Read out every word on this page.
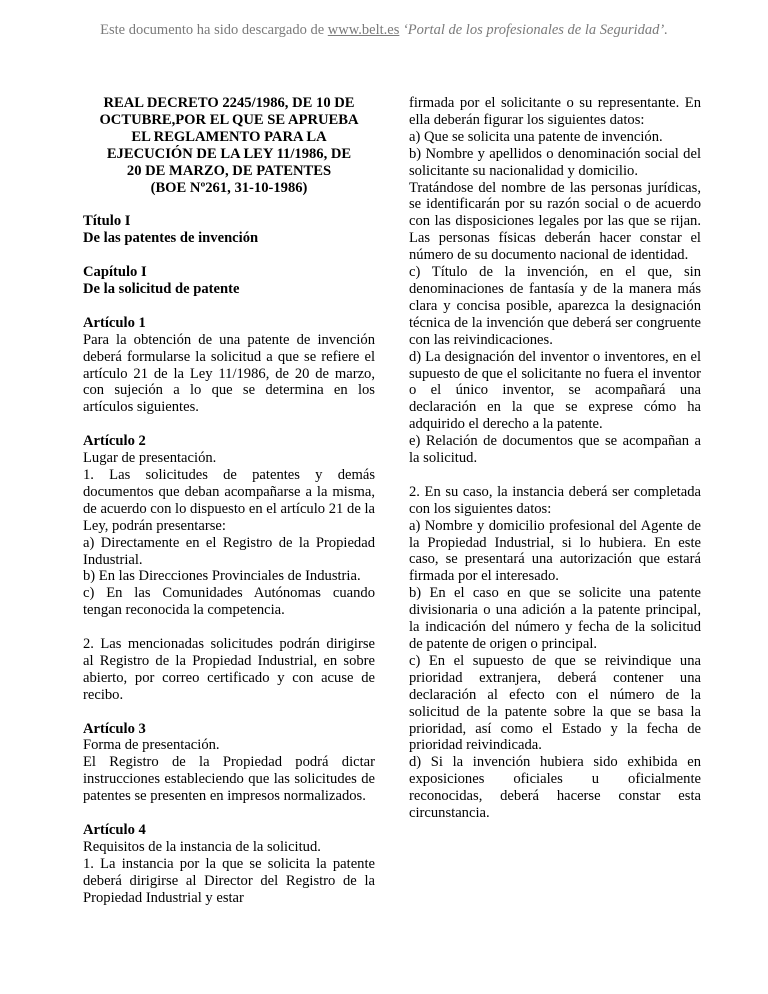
Este documento ha sido descargado de www.belt.es ‘Portal de los profesionales de la Seguridad’.
REAL DECRETO 2245/1986, DE 10 DE
OCTUBRE,POR EL QUE SE APRUEBA
EL REGLAMENTO PARA LA
EJECUCIÓN DE LA LEY 11/1986, DE
20 DE MARZO, DE PATENTES
(BOE Nº261, 31-10-1986)

Título I

De las patentes de invención

Capítulo I

De la solicitud de patente

Artículo 1

Para la obtención de una patente de invención deberá formularse la solicitud a que se refiere el artículo 21 de la Ley 11/1986, de 20 de marzo, con sujeción a lo que se determina en los artículos siguientes.

Artículo 2

Lugar de presentación.

1. Las solicitudes de patentes y demás documentos que deban acompañarse a la misma, de acuerdo con lo dispuesto en el artículo 21 de la Ley, podrán presentarse:

a) Directamente en el Registro de la Propiedad Industrial.

b) En las Direcciones Provinciales de Industria.

c) En las Comunidades Autónomas cuando tengan reconocida la competencia.

2. Las mencionadas solicitudes podrán dirigirse al Registro de la Propiedad Industrial, en sobre abierto, por correo certificado y con acuse de recibo.

Artículo 3

Forma de presentación.

El Registro de la Propiedad podrá dictar instrucciones estableciendo que las solicitudes de patentes se presenten en impresos normalizados.

Artículo 4

Requisitos de la instancia de la solicitud.

1. La instancia por la que se solicita la patente deberá dirigirse al Director del Registro de la Propiedad Industrial y estar

firmada por el solicitante o su representante. En ella deberán figurar los siguientes datos:

a) Que se solicita una patente de invención.

b) Nombre y apellidos o denominación social del solicitante su nacionalidad y domicilio.

Tratándose del nombre de las personas jurídicas, se identificarán por su razón social o de acuerdo con las disposiciones legales por las que se rijan. Las personas físicas deberán hacer constar el número de su documento nacional de identidad.

c) Título de la invención, en el que, sin denominaciones de fantasía y de la manera más clara y concisa posible, aparezca la designación técnica de la invención que deberá ser congruente con las reivindicaciones.

d) La designación del inventor o inventores, en el supuesto de que el solicitante no fuera el inventor o el único inventor, se acompañará una declaración en la que se exprese cómo ha adquirido el derecho a la patente.

e) Relación de documentos que se acompañan a la solicitud.

2. En su caso, la instancia deberá ser completada con los siguientes datos:

a) Nombre y domicilio profesional del Agente de la Propiedad Industrial, si lo hubiera. En este caso, se presentará una autorización que estará firmada por el interesado.

b) En el caso en que se solicite una patente divisionaria o una adición a la patente principal, la indicación del número y fecha de la solicitud de patente de origen o principal.

c) En el supuesto de que se reivindique una prioridad extranjera, deberá contener una declaración al efecto con el número de la solicitud de la patente sobre la que se basa la prioridad, así como el Estado y la fecha de prioridad reivindicada.

d) Si la invención hubiera sido exhibida en exposiciones oficiales u oficialmente reconocidas, deberá hacerse constar esta circunstancia.
